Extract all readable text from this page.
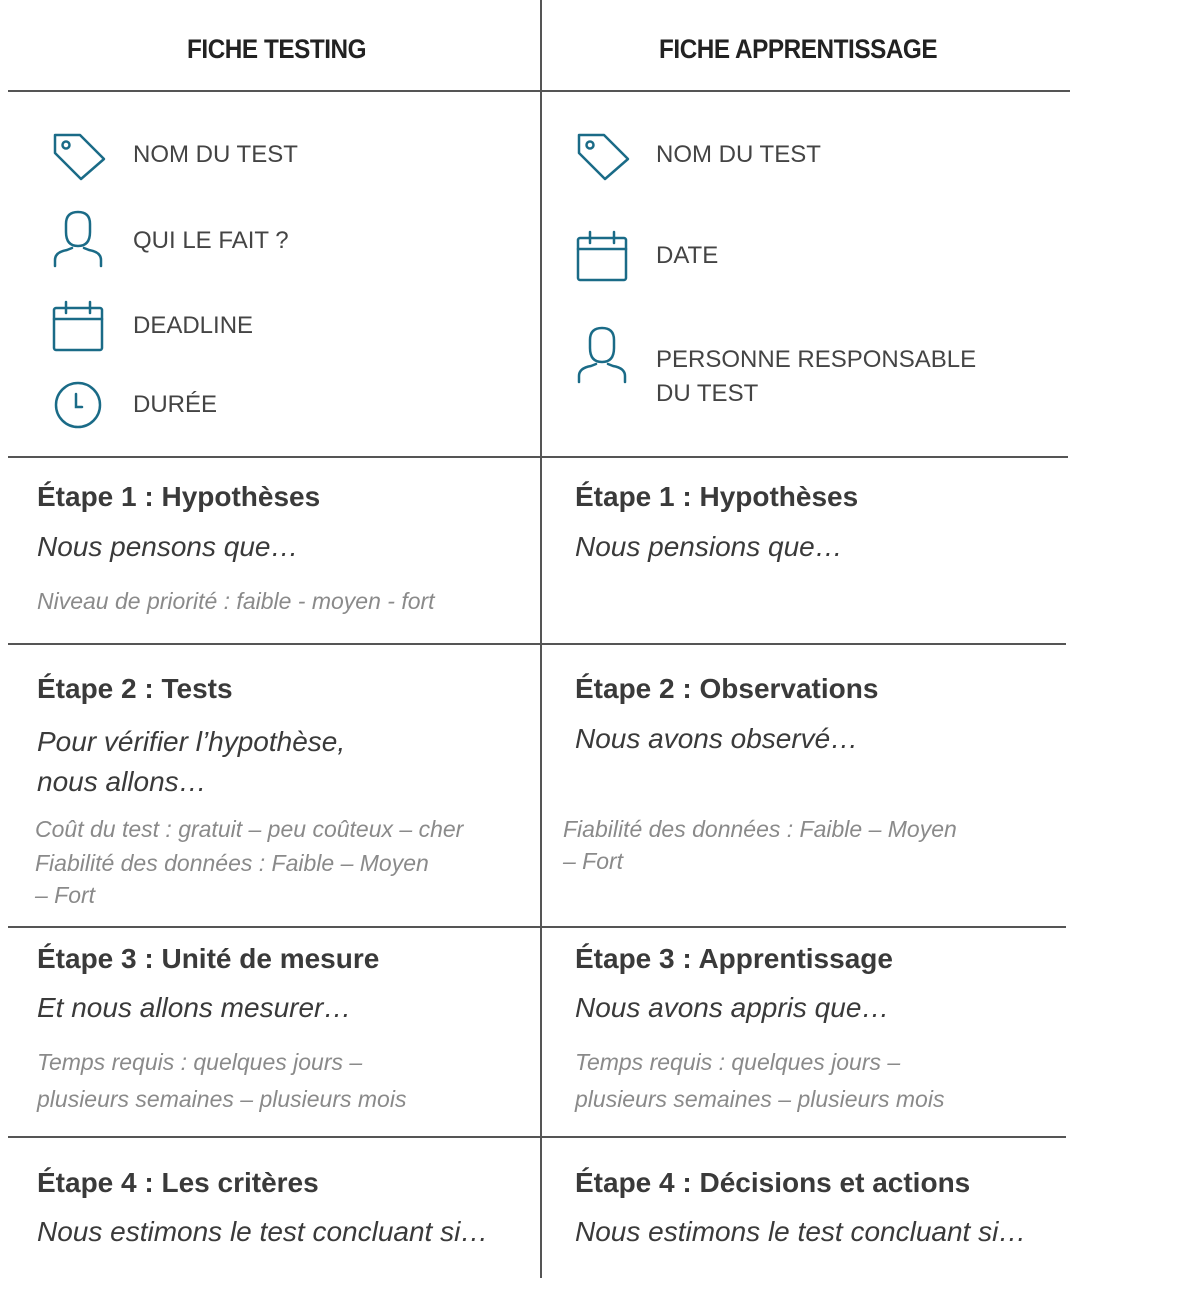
FICHE TESTING	FICHE APPRENTISSAGE
NOM DU TEST
QUI LE FAIT ?
DEADLINE
DURÉE
NOM DU TEST
DATE
PERSONNE RESPONSABLE
DU TEST
Étape 1 : Hypothèses
Nous pensons que…
Niveau de priorité : faible - moyen - fort
Étape 2 : Tests
Pour vérifier l’hypothèse,
nous allons…
Coût du test : gratuit – peu coûteux – cher
Fiabilité des données : Faible – Moyen
– Fort
Étape 3 : Unité de mesure
Et nous allons mesurer…
Temps requis : quelques jours –
plusieurs semaines – plusieurs mois
Étape 4 : Les critères
Nous estimons le test concluant si…
Étape 1 : Hypothèses
Nous pensions que…
Étape 2 : Observations
Nous avons observé…
Fiabilité des données : Faible – Moyen
– Fort
Étape 3 : Apprentissage
Nous avons appris que…
Temps requis : quelques jours –
plusieurs semaines – plusieurs mois
Étape 4 : Décisions et actions
Nous estimons le test concluant si…
